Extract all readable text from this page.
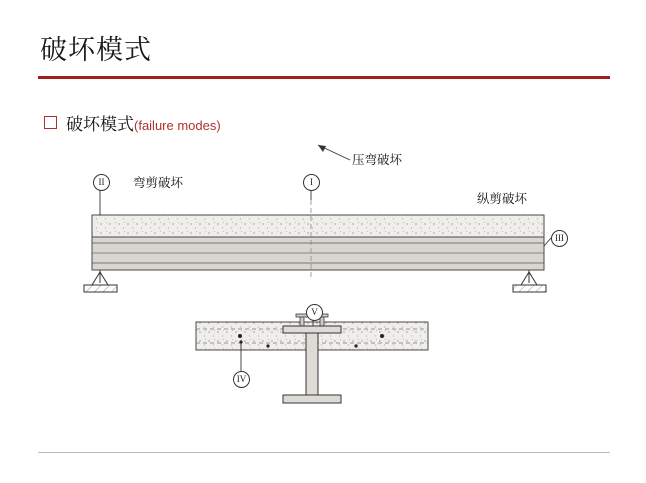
破坏模式
破坏模式(failure modes)
弯剪破坏
压弯破坏
纵剪破坏
II	I
III
V
IV
